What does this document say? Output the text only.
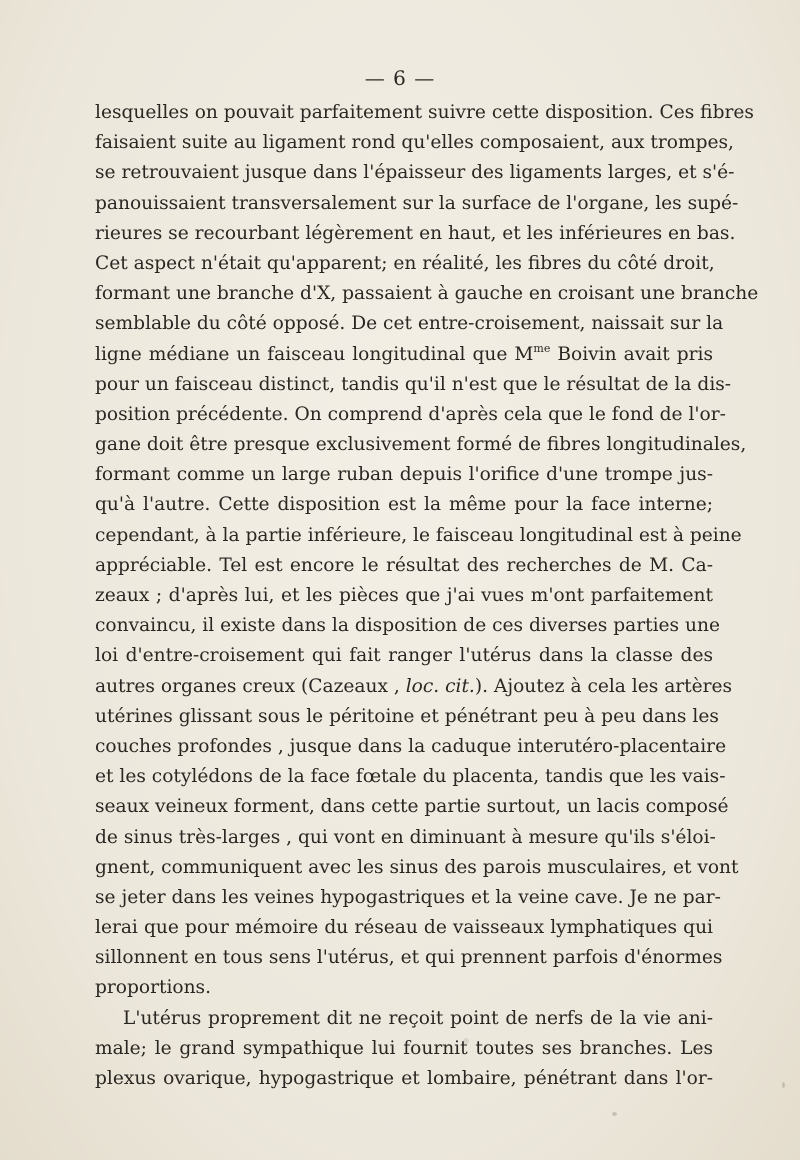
— 6 —
lesquelles on pouvait parfaitement suivre cette disposition. Ces fibres
faisaient suite au ligament rond qu'elles composaient, aux trompes,
se retrouvaient jusque dans l'épaisseur des ligaments larges, et s'é-
panouissaient transversalement sur la surface de l'organe, les supé-
rieures se recourbant légèrement en haut, et les inférieures en bas.
Cet aspect n'était qu'apparent; en réalité, les fibres du côté droit,
formant une branche d'X, passaient à gauche en croisant une branche
semblable du côté opposé. De cet entre-croisement, naissait sur la
ligne médiane un faisceau longitudinal que $M^{me}$ Boivin avait pris
pour un faisceau distinct, tandis qu'il n'est que le résultat de la dis-
position précédente. On comprend d'après cela que le fond de l'or-
gane doit être presque exclusivement formé de fibres longitudinales,
formant comme un large ruban depuis l'orifice d'une trompe jus-
qu'à l'autre. Cette disposition est la même pour la face interne;
cependant, à la partie inférieure, le faisceau longitudinal est à peine
appréciable. Tel est encore le résultat des recherches de M. Ca-
zeaux ; d'après lui, et les pièces que j'ai vues m'ont parfaitement
convaincu, il existe dans la disposition de ces diverses parties une
loi d'entre-croisement qui fait ranger l'utérus dans la classe des
autres organes creux (Cazeaux , loc. cit.). Ajoutez à cela les artères
utérines glissant sous le péritoine et pénétrant peu à peu dans les
couches profondes , jusque dans la caduque interutéro-placentaire
et les cotylédons de la face fœtale du placenta, tandis que les vais-
seaux veineux forment, dans cette partie surtout, un lacis composé
de sinus très-larges , qui vont en diminuant à mesure qu'ils s'éloi-
gnent, communiquent avec les sinus des parois musculaires, et vont
se jeter dans les veines hypogastriques et la veine cave. Je ne par-
lerai que pour mémoire du réseau de vaisseaux lymphatiques qui
sillonnent en tous sens l'utérus, et qui prennent parfois d'énormes
proportions.
L'utérus proprement dit ne reçoit point de nerfs de la vie ani-
male; le grand sympathique lui fournit toutes ses branches. Les
plexus ovarique, hypogastrique et lombaire, pénétrant dans l'or-
